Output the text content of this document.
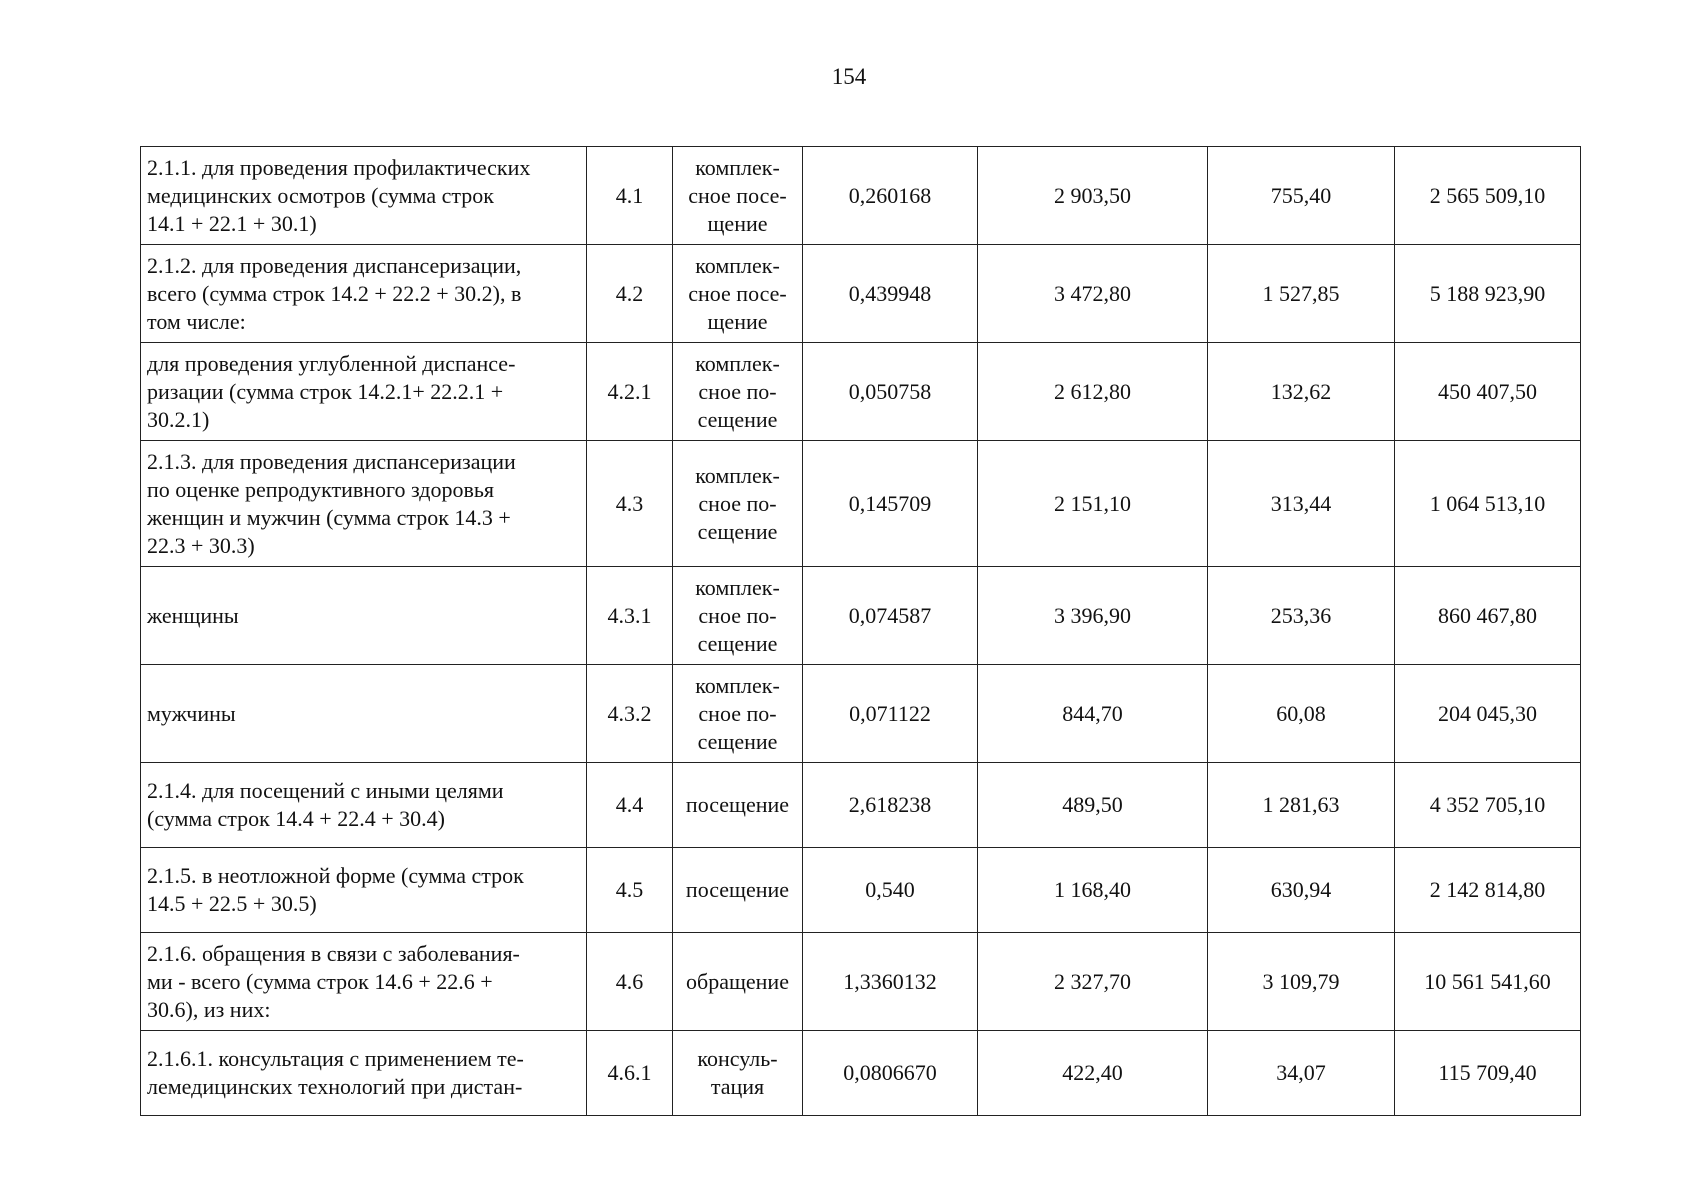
154
2.1.1. для проведения профилактических
медицинских осмотров (сумма строк
14.1 + 22.1 + 30.1)	4.1	комплек-
сное посе-
щение	0,260168	2 903,50	755,40	2 565 509,10

2.1.2. для проведения диспансеризации,
всего (сумма строк 14.2 + 22.2 + 30.2), в
том числе:	4.2	комплек-
сное посе-
щение	0,439948	3 472,80	1 527,85	5 188 923,90

для проведения углубленной диспансе-
ризации (сумма строк 14.2.1+ 22.2.1 +
30.2.1)	4.2.1	комплек-
сное по-
сещение	0,050758	2 612,80	132,62	450 407,50

2.1.3. для проведения диспансеризации
по оценке репродуктивного здоровья
женщин и мужчин (сумма строк 14.3 +
22.3 + 30.3)	4.3	комплек-
сное по-
сещение	0,145709	2 151,10	313,44	1 064 513,10

женщины	4.3.1	комплек-
сное по-
сещение	0,074587	3 396,90	253,36	860 467,80

мужчины	4.3.2	комплек-
сное по-
сещение	0,071122	844,70	60,08	204 045,30

2.1.4. для посещений с иными целями
(сумма строк 14.4 + 22.4 + 30.4)	4.4	посещение	2,618238	489,50	1 281,63	4 352 705,10

2.1.5. в неотложной форме (сумма строк
14.5 + 22.5 + 30.5)	4.5	посещение	0,540	1 168,40	630,94	2 142 814,80

2.1.6. обращения в связи с заболевания-
ми - всего (сумма строк 14.6 + 22.6 +
30.6), из них:	4.6	обращение	1,3360132	2 327,70	3 109,79	10 561 541,60

2.1.6.1. консультация с применением те-
лемедицинских технологий при дистан-	4.6.1	консуль-
тация	0,0806670	422,40	34,07	115 709,40
